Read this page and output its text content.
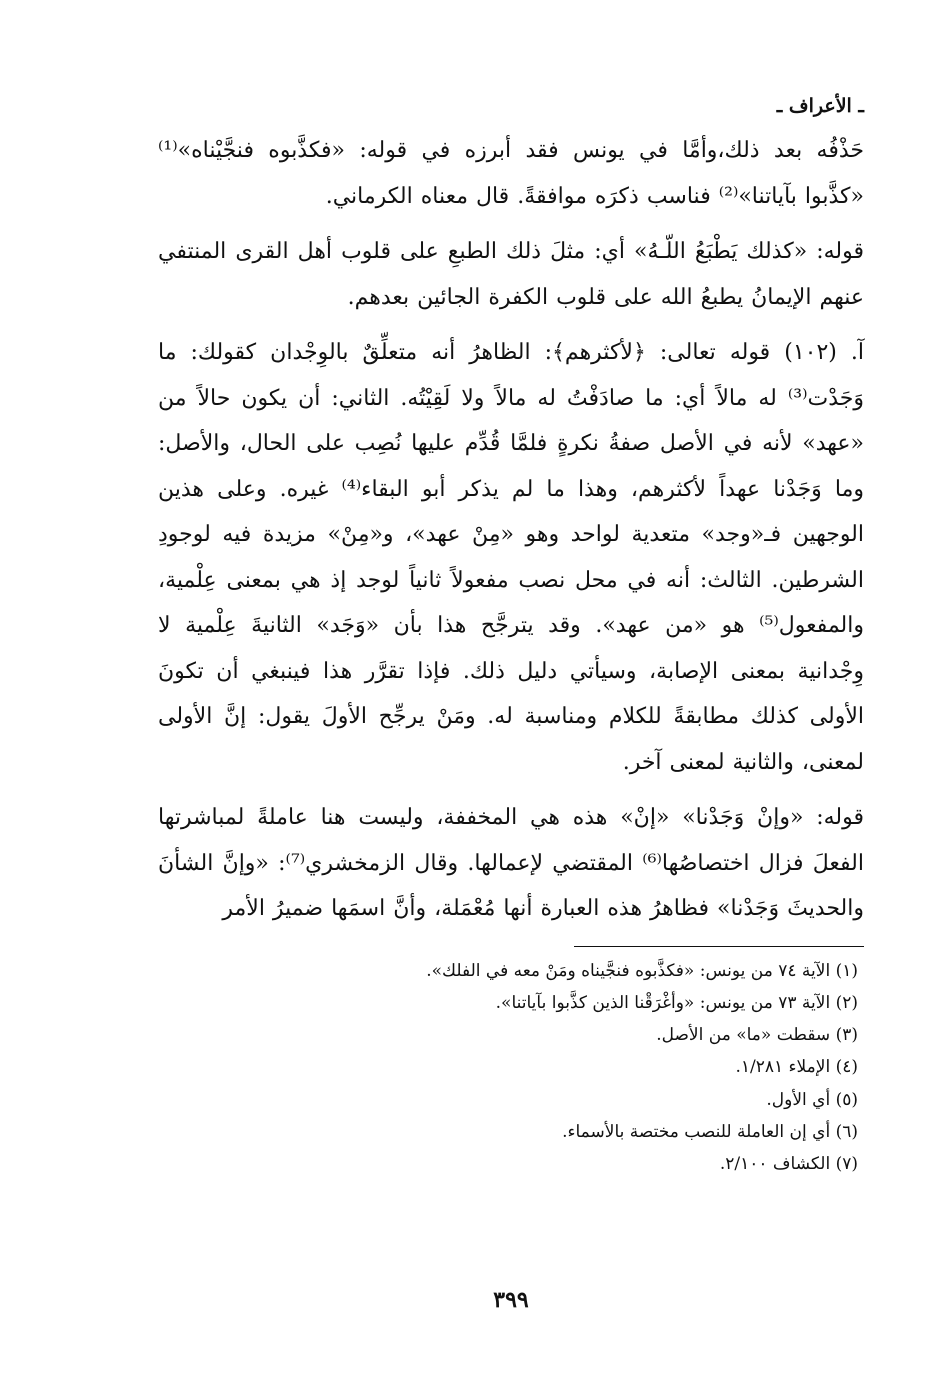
ـ الأعراف ـ

حَذْفُه بعد ذلك،وأمَّا في يونس فقد أبرزه في قوله: «فكذَّبوه فنجَّيْناه»⁽¹⁾ «كذَّبوا بآياتنا»⁽²⁾ فناسب ذكرَه موافقةً. قال معناه الكرماني.

قوله: «كذلك يَطْبَعُ اللّـهُ» أي: مثلَ ذلك الطبعِ على قلوب أهل القرى المنتفي عنهم الإيمانُ يطبعُ الله على قلوب الكفرة الجائين بعدهم.

آ. (١٠٢) قوله تعالى: ﴿لأكثرهم﴾: الظاهرُ أنه متعلِّقٌ بالوِجْدان كقولك: ما وَجَدْت⁽³⁾ له مالاً أي: ما صادَفْتُ له مالاً ولا لَقِيْتُه. الثاني: أن يكون حالاً من «عهد» لأنه في الأصل صفةُ نكرةٍ فلمَّا قُدِّم عليها نُصِب على الحال، والأصل: وما وَجَدْنا عهداً لأكثرهم، وهذا ما لم يذكر أبو البقاء⁽⁴⁾ غيره. وعلى هذين الوجهين فـ«وجد» متعدية لواحد وهو «مِنْ عهد»، و«مِنْ» مزيدة فيه لوجودِ الشرطين. الثالث: أنه في محل نصب مفعولاً ثانياً لوجد إذ هي بمعنى عِلْمية، والمفعول⁽⁵⁾ هو «من عهد». وقد يترجَّح هذا بأن «وَجَد» الثانيةَ عِلْمية لا وِجْدانية بمعنى الإصابة، وسيأتي دليل ذلك. فإذا تقرَّر هذا فينبغي أن تكونَ الأولى كذلك مطابقةً للكلام ومناسبة له. ومَنْ يرجِّح الأولَ يقول: إنَّ الأولى لمعنى، والثانية لمعنى آخر.

قوله: «وإنْ وَجَدْنا» «إنْ» هذه هي المخففة، وليست هنا عاملةً لمباشرتها الفعلَ فزال اختصاصُها⁽⁶⁾ المقتضي لإعمالها. وقال الزمخشري⁽⁷⁾: «وإنَّ الشأنَ والحديثَ وَجَدْنا» فظاهرُ هذه العبارة أنها مُعْمَلة، وأنَّ اسمَها ضميرُ الأمر

(١) الآية ٧٤ من يونس: «فكذَّبوه فنجَّيناه ومَنْ معه في الفلك».
(٢) الآية ٧٣ من يونس: «وأغْرَقْنا الذين كذَّبوا بآياتنا».
(٣) سقطت «ما» من الأصل.
(٤) الإملاء ١/٢٨١.
(٥) أي الأول.
(٦) أي إن العاملة للنصب مختصة بالأسماء.
(٧) الكشاف ٢/١٠٠.
٣٩٩
